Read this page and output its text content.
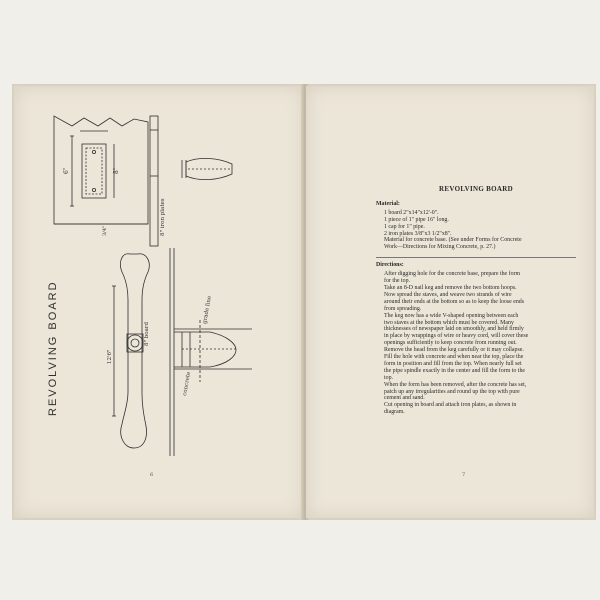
3/4"
6"	8"
8" iron plates
8" board
12'6"
grade line
concrete
REVOLVING BOARD
6
REVOLVING BOARD
Material:
1 board 2"x14"x12'-0".
1 piece of 1" pipe 16" long.
1 cap for 1" pipe.
2 iron plates 3/8"x3 1/2"x8".
Material for concrete base. (See under Forms for Concrete
Work—Directions for Mixing Concrete, p. 27.)
Directions:
After digging hole for the concrete base, prepare the form
for the top.
Take an 8-D nail keg and remove the two bottom hoops.
Now spread the staves, and weave two strands of wire
around their ends at the bottom so as to keep the loose ends
from spreading.
The keg now has a wide V-shaped opening between each
two staves at the bottom which must be covered. Many
thicknesses of newspaper laid on smoothly, and held firmly
in place by wrappings of wire or heavy cord, will cover these
openings sufficiently to keep concrete from running out.
Remove the head from the keg carefully or it may collapse.
Fill the hole with concrete and when near the top, place the
form in position and fill from the top. When nearly full set
the pipe spindle exactly in the center and fill the form to the
top.
When the form has been removed, after the concrete has set,
patch up any irregularities and round up the top with pure
cement and sand.
Cut opening in board and attach iron plates, as shown in
diagram.
7
